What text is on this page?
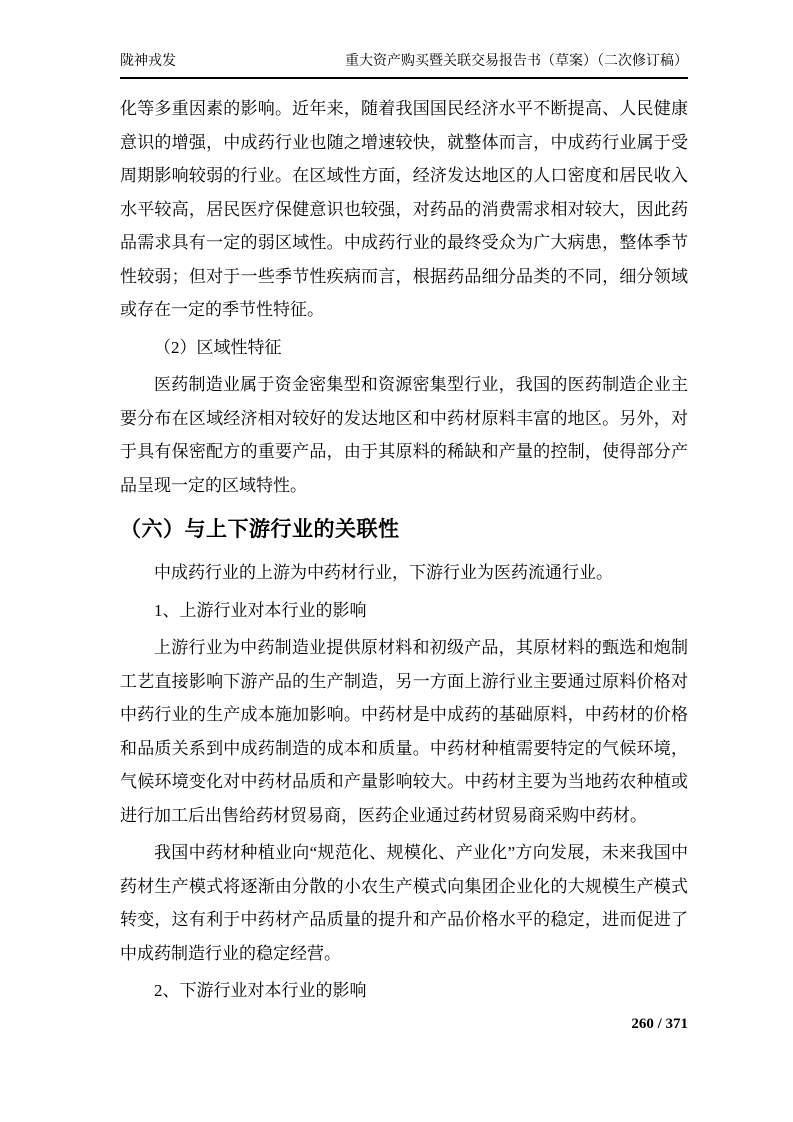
陇神戎发	重大资产购买暨关联交易报告书（草案）（二次修订稿）

化等多重因素的影响。近年来，随着我国国民经济水平不断提高、人民健康意识的增强，中成药行业也随之增速较快，就整体而言，中成药行业属于受周期影响较弱的行业。在区域性方面，经济发达地区的人口密度和居民收入水平较高，居民医疗保健意识也较强，对药品的消费需求相对较大，因此药品需求具有一定的弱区域性。中成药行业的最终受众为广大病患，整体季节性较弱；但对于一些季节性疾病而言，根据药品细分品类的不同，细分领域或存在一定的季节性特征。

（2）区域性特征

医药制造业属于资金密集型和资源密集型行业，我国的医药制造企业主要分布在区域经济相对较好的发达地区和中药材原料丰富的地区。另外，对于具有保密配方的重要产品，由于其原料的稀缺和产量的控制，使得部分产品呈现一定的区域特性。

（六）与上下游行业的关联性

中成药行业的上游为中药材行业，下游行业为医药流通行业。

1、上游行业对本行业的影响

上游行业为中药制造业提供原材料和初级产品，其原材料的甄选和炮制工艺直接影响下游产品的生产制造，另一方面上游行业主要通过原料价格对中药行业的生产成本施加影响。中药材是中成药的基础原料，中药材的价格和品质关系到中成药制造的成本和质量。中药材种植需要特定的气候环境，气候环境变化对中药材品质和产量影响较大。中药材主要为当地药农种植或进行加工后出售给药材贸易商，医药企业通过药材贸易商采购中药材。

我国中药材种植业向“规范化、规模化、产业化”方向发展，未来我国中药材生产模式将逐渐由分散的小农生产模式向集团企业化的大规模生产模式转变，这有利于中药材产品质量的提升和产品价格水平的稳定，进而促进了中成药制造行业的稳定经营。

2、下游行业对本行业的影响

260 / 371
